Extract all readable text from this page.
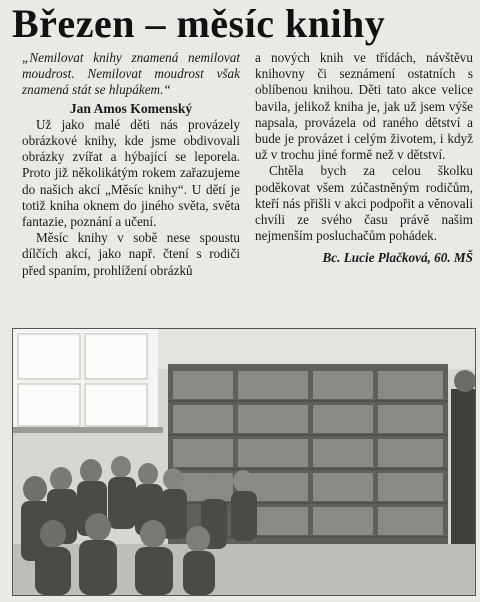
Březen – měsíc knihy

„Nemilovat knihy znamená nemilovat moudrost. Nemilovat moudrost však znamená stát se hlupákem.“

Jan Amos Komenský

Už jako malé děti nás provázely obrázkové knihy, kde jsme obdivovali obrázky zvířat a hýbající se leporela. Proto již několikátým rokem zařazujeme do našich akcí „Měsíc knihy“. U dětí je totiž kniha oknem do jiného světa, světa fantazie, poznání a učení.

Měsíc knihy v sobě nese spoustu dílčích akcí, jako např. čtení s rodiči před spaním, prohlížení obrázků

a nových knih ve třídách, návštěvu knihovny či seznámení ostatních s oblíbenou knihou. Děti tato akce velice bavila, jelikož kniha je, jak už jsem výše napsala, provázela od raného dětství a bude je provázet i celým životem, i když už v trochu jiné formě než v dětství.

Chtěla bych za celou školku poděkovat všem zúčastněným rodičům, kteří nás přišli v akci podpořit a věnovali chvíli ze svého času právě našim nejmenším posluchačům pohádek.

Bc. Lucie Plačková, 60. MŠ
